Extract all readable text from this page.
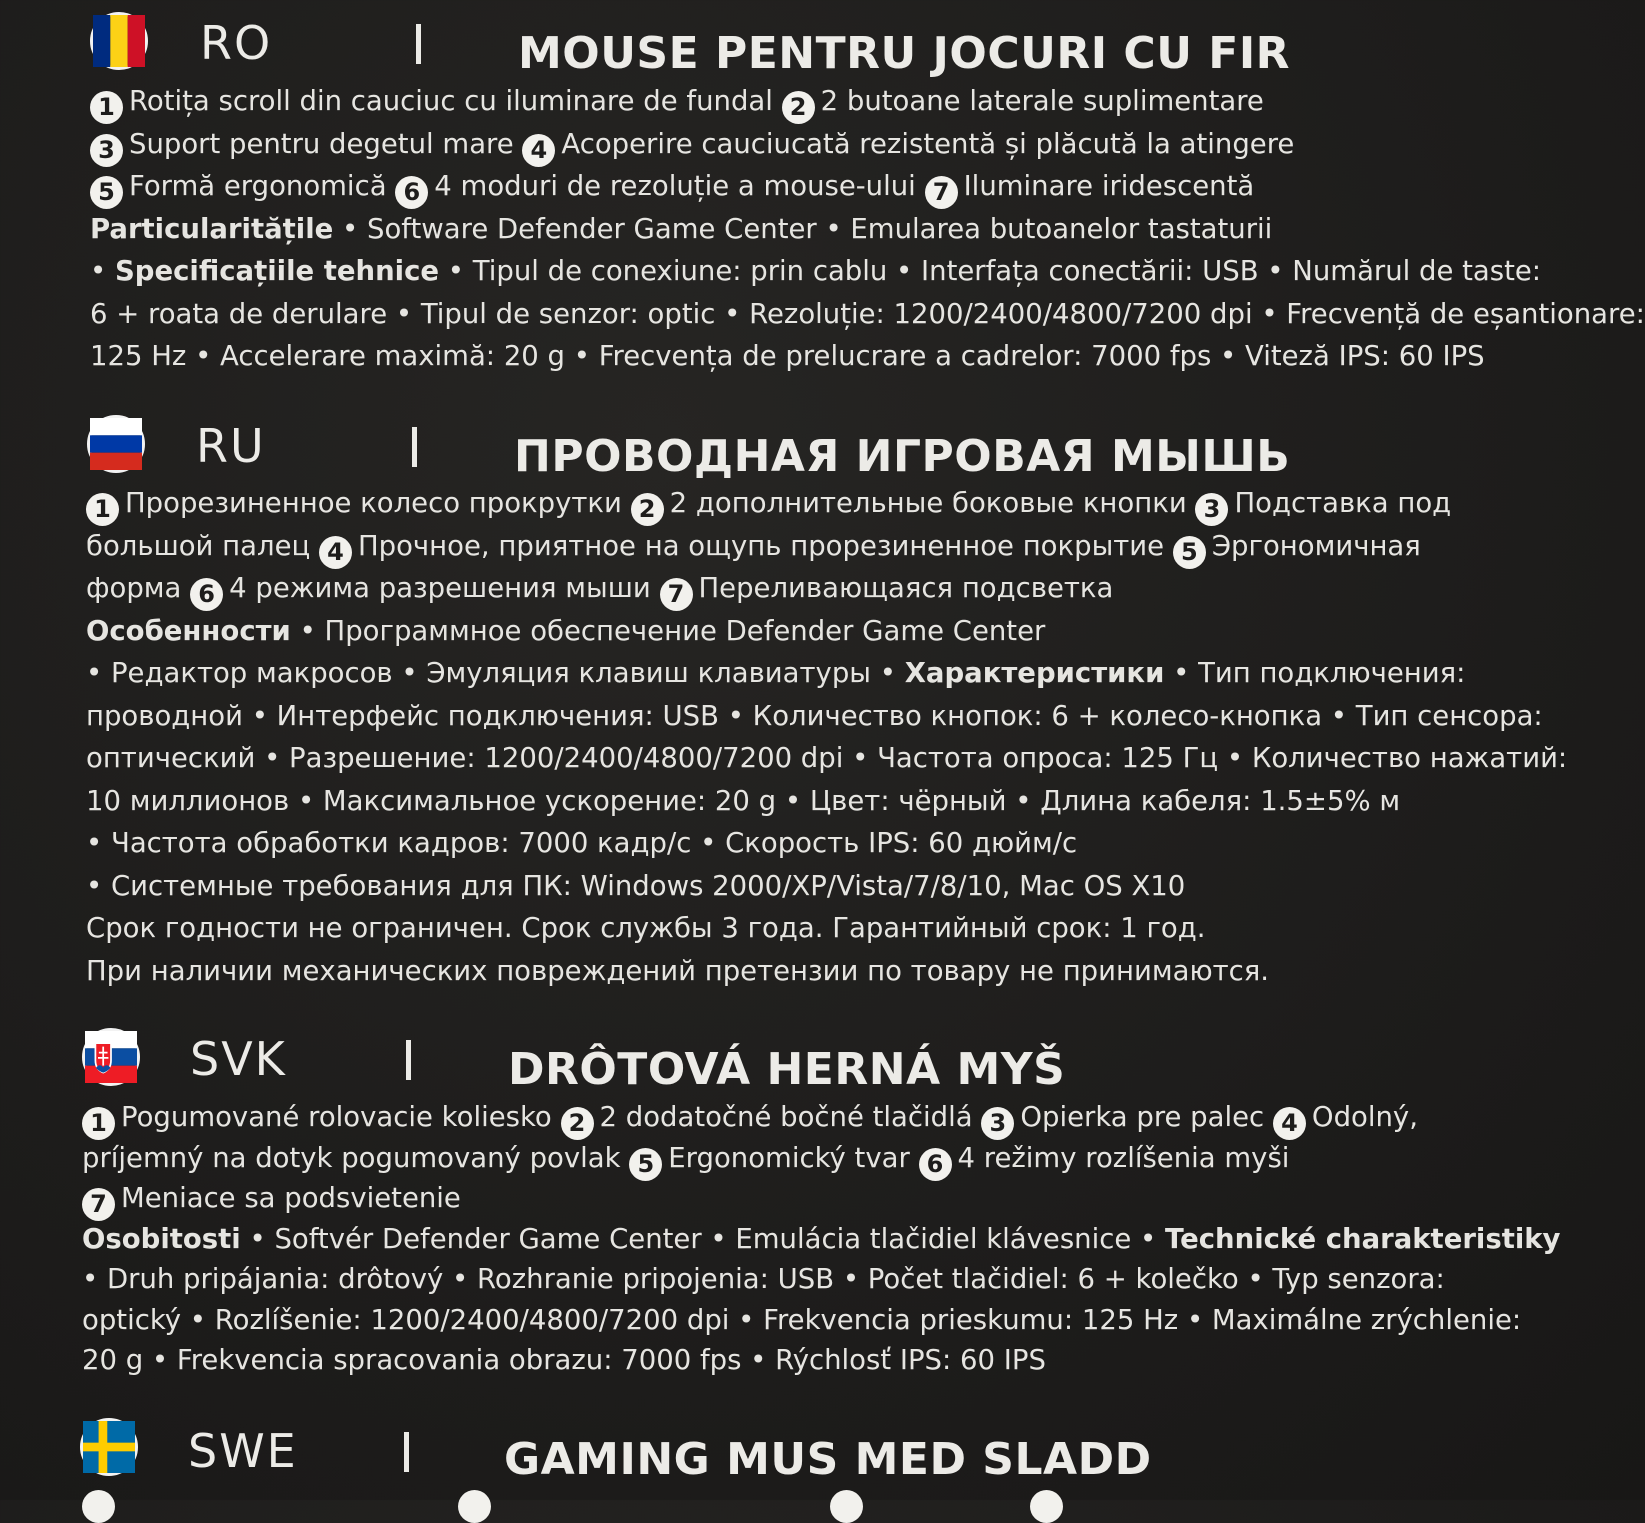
RO	MOUSE PENTRU JOCURI CU FIR
1 Rotița scroll din cauciuc cu iluminare de fundal 2 2 butoane laterale suplimentare
3 Suport pentru degetul mare 4 Acoperire cauciucată rezistentă și plăcută la atingere
5 Formă ergonomică 6 4 moduri de rezoluție a mouse-ului 7 Iluminare iridescentă
Particularitățile • Software Defender Game Center • Emularea butoanelor tastaturii
• Specificațiile tehnice • Tipul de conexiune: prin cablu • Interfața conectării: USB • Numărul de taste:
6 + roata de derulare • Tipul de senzor: optic • Rezoluție: 1200/2400/4800/7200 dpi • Frecvență de eșantionare:
125 Hz • Accelerare maximă: 20 g • Frecvența de prelucrare a cadrelor: 7000 fps • Viteză IPS: 60 IPS
RU	ПРОВОДНАЯ ИГРОВАЯ МЫШЬ
1 Прорезиненное колесо прокрутки 2 2 дополнительные боковые кнопки 3 Подставка под
большой палец 4 Прочное, приятное на ощупь прорезиненное покрытие 5 Эргономичная
форма 6 4 режима разрешения мыши 7 Переливающаяся подсветка
Особенности • Программное обеспечение Defender Game Center
• Редактор макросов • Эмуляция клавиш клавиатуры • Характеристики • Тип подключения:
проводной • Интерфейс подключения: USB • Количество кнопок: 6 + колесо-кнопка • Тип сенсора:
оптический • Разрешение: 1200/2400/4800/7200 dpi • Частота опроса: 125 Гц • Количество нажатий:
10 миллионов • Максимальное ускорение: 20 g • Цвет: чёрный • Длина кабеля: 1.5±5% м
• Частота обработки кадров: 7000 кадр/с • Скорость IPS: 60 дюйм/с
• Системные требования для ПК: Windows 2000/XP/Vista/7/8/10, Mac OS X10
Срок годности не ограничен. Срок службы 3 года. Гарантийный срок: 1 год.
При наличии механических повреждений претензии по товару не принимаются.
SVK	DRÔTOVÁ HERNÁ MYŠ
1 Pogumované rolovacie koliesko 2 2 dodatočné bočné tlačidlá 3 Opierka pre palec 4 Odolný,
príjemný na dotyk pogumovaný povlak 5 Ergonomický tvar 6 4 režimy rozlíšenia myši
7 Meniace sa podsvietenie
Osobitosti • Softvér Defender Game Center • Emulácia tlačidiel klávesnice • Technické charakteristiky
• Druh pripájania: drôtový • Rozhranie pripojenia: USB • Počet tlačidiel: 6 + kolečko • Typ senzora:
optický • Rozlíšenie: 1200/2400/4800/7200 dpi • Frekvencia prieskumu: 125 Hz • Maximálne zrýchlenie:
20 g • Frekvencia spracovania obrazu: 7000 fps • Rýchlosť IPS: 60 IPS
SWE	GAMING MUS MED SLADD
